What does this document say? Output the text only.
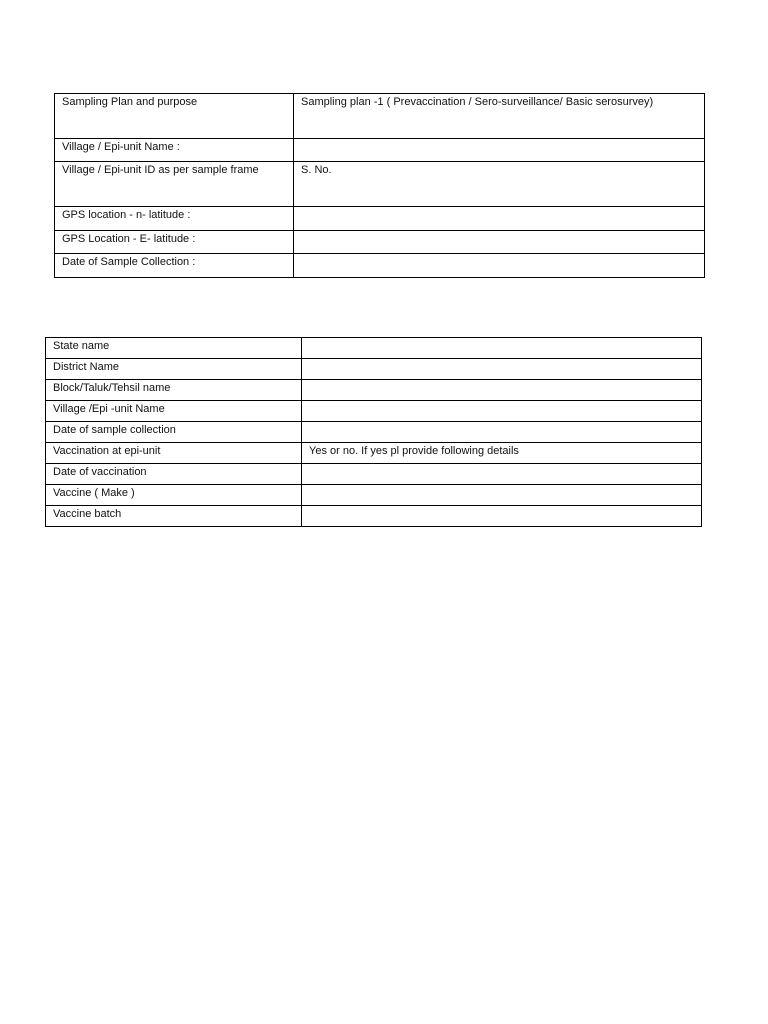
Sampling Plan and purpose	Sampling plan -1 ( Prevaccination / Sero-surveillance/ Basic serosurvey)
Village / Epi-unit Name :	
Village / Epi-unit ID as per sample frame	S. No.
GPS location - n- latitude :	
GPS Location - E- latitude :	
Date of Sample Collection :	
State name	
District Name	
Block/Taluk/Tehsil name	
Village /Epi -unit Name	
Date of sample collection	
Vaccination at epi-unit	Yes or no. If yes pl provide following details
Date of vaccination	
Vaccine ( Make )	
Vaccine batch	
